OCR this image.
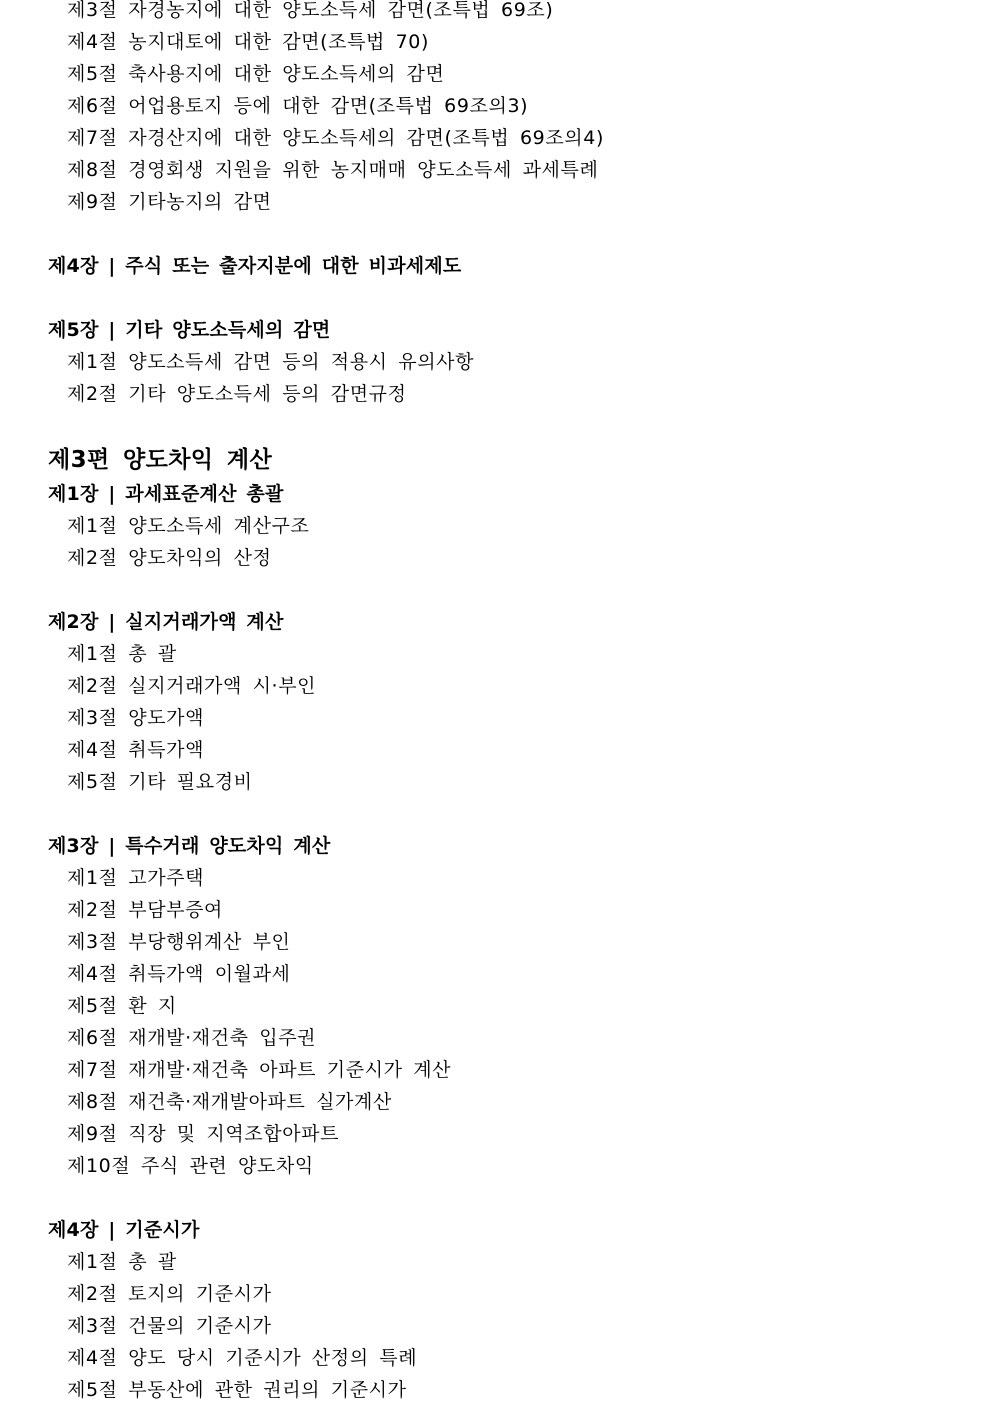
제3절 자경농지에 대한 양도소득세 감면(조특법 69조)
제4절 농지대토에 대한 감면(조특법 70)
제5절 축사용지에 대한 양도소득세의 감면
제6절 어업용토지 등에 대한 감면(조특법 69조의3)
제7절 자경산지에 대한 양도소득세의 감면(조특법 69조의4)
제8절 경영회생 지원을 위한 농지매매 양도소득세 과세특례
제9절 기타농지의 감면
제4장 | 주식 또는 출자지분에 대한 비과세제도
제5장 | 기타 양도소득세의 감면
제1절 양도소득세 감면 등의 적용시 유의사항
제2절 기타 양도소득세 등의 감면규정
제3편 양도차익 계산
제1장 | 과세표준계산 총괄
제1절 양도소득세 계산구조
제2절 양도차익의 산정
제2장 | 실지거래가액 계산
제1절 총 괄
제2절 실지거래가액 시·부인
제3절 양도가액
제4절 취득가액
제5절 기타 필요경비
제3장 | 특수거래 양도차익 계산
제1절 고가주택
제2절 부담부증여
제3절 부당행위계산 부인
제4절 취득가액 이월과세
제5절 환 지
제6절 재개발·재건축 입주권
제7절 재개발·재건축 아파트 기준시가 계산
제8절 재건축·재개발아파트 실가계산
제9절 직장 및 지역조합아파트
제10절 주식 관련 양도차익
제4장 | 기준시가
제1절 총 괄
제2절 토지의 기준시가
제3절 건물의 기준시가
제4절 양도 당시 기준시가 산정의 특례
제5절 부동산에 관한 권리의 기준시가
